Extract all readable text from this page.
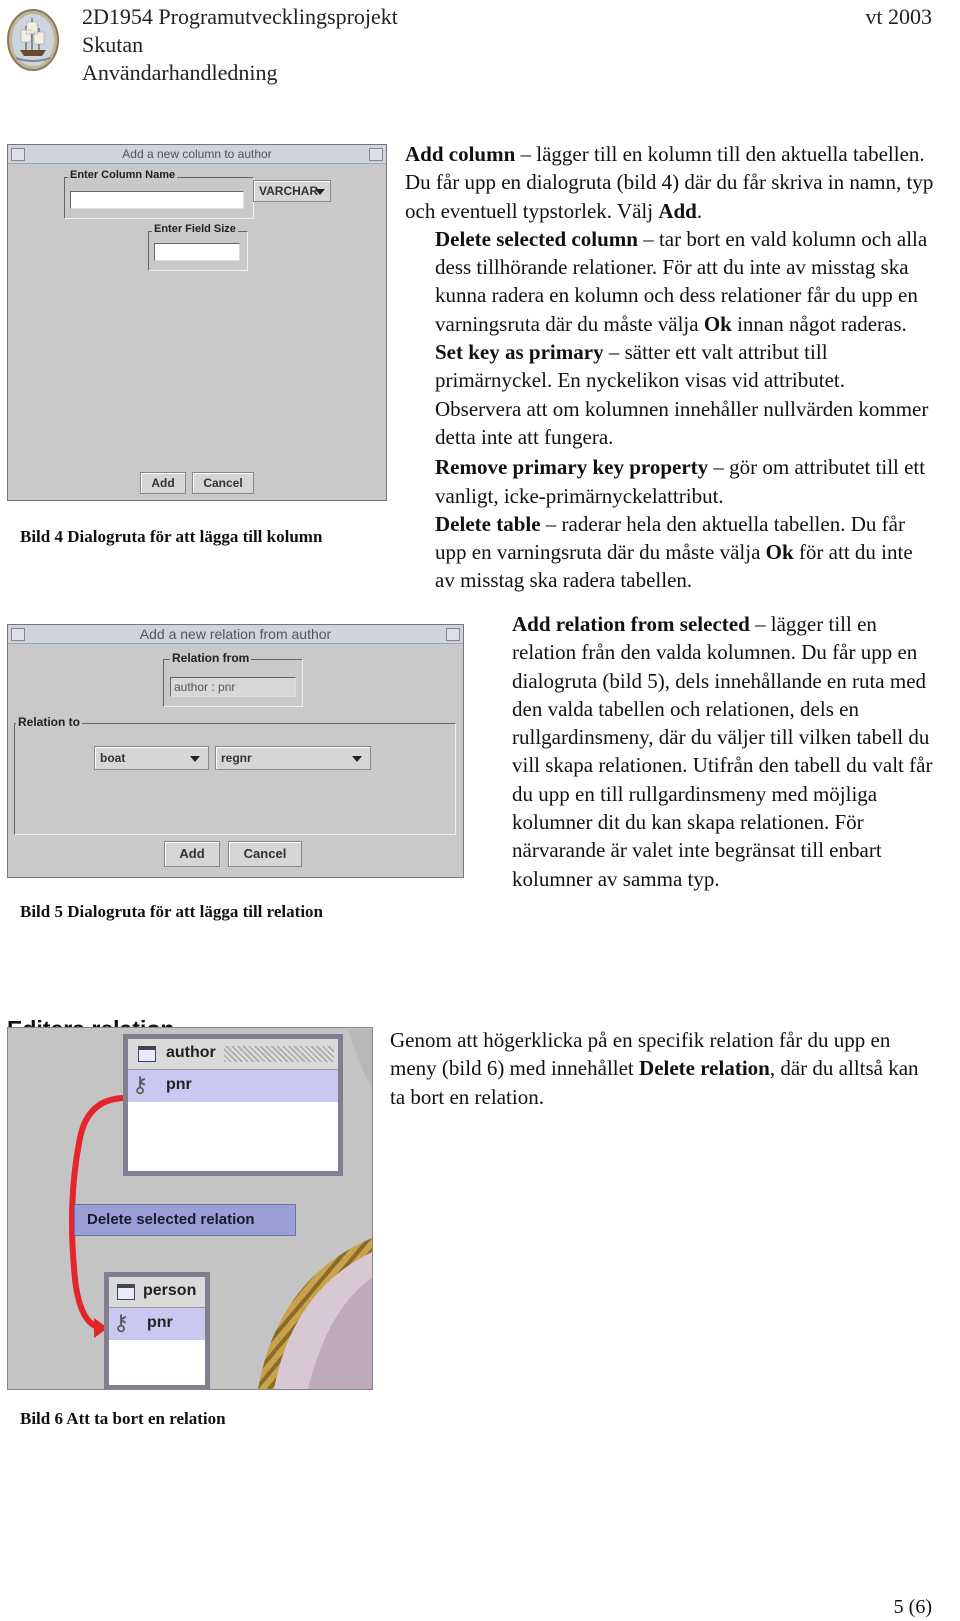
2D1954 Programutvecklingsprojekt
Skutan
Användarhandledning
vt 2003
Add a new column to author
Enter Column Name
VARCHAR
Enter Field Size
Add	Cancel
Bild 4 Dialogruta för att lägga till kolumn
Add a new relation from author
Relation from
author : pnr
Relation to
boat	regnr
Add	Cancel
Bild 5 Dialogruta för att lägga till relation

Add column – lägger till en kolumn till den aktuella tabellen. Du får upp en dialogruta (bild 4) där du får skriva in namn, typ och eventuell typstorlek. Välj Add.

Delete selected column – tar bort en vald kolumn och alla dess tillhörande relationer. För att du inte av misstag ska kunna radera en kolumn och dess relationer får du upp en varningsruta där du måste välja Ok innan något raderas.

Set key as primary – sätter ett valt attribut till primärnyckel. En nyckelikon visas vid attributet. Observera att om kolumnen innehåller nullvärden kommer detta inte att fungera.

Remove primary key property – gör om attributet till ett vanligt, icke-primärnyckelattribut.

Delete table – raderar hela den aktuella tabellen. Du får upp en varningsruta där du måste välja Ok för att du inte av misstag ska radera tabellen.

Add relation from selected – lägger till en relation från den valda kolumnen. Du får upp en dialogruta (bild 5), dels innehållande en ruta med den valda tabellen och relationen, dels en rullgardinsmeny, där du väljer till vilken tabell du vill skapa relationen. Utifrån den tabell du valt får du upp en till rullgardinsmeny med möjliga kolumner dit du kan skapa relationen. För närvarande är valet inte begränsat till enbart kolumner av samma typ.

Genom att högerklicka på en specifik relation får du upp en meny (bild 6) med innehållet Delete relation, där du alltså kan ta bort en relation.

author
⚷ pnr
Delete selected relation
person
⚷ pnr
Bild 6 Att ta bort en relation
5 (6)
